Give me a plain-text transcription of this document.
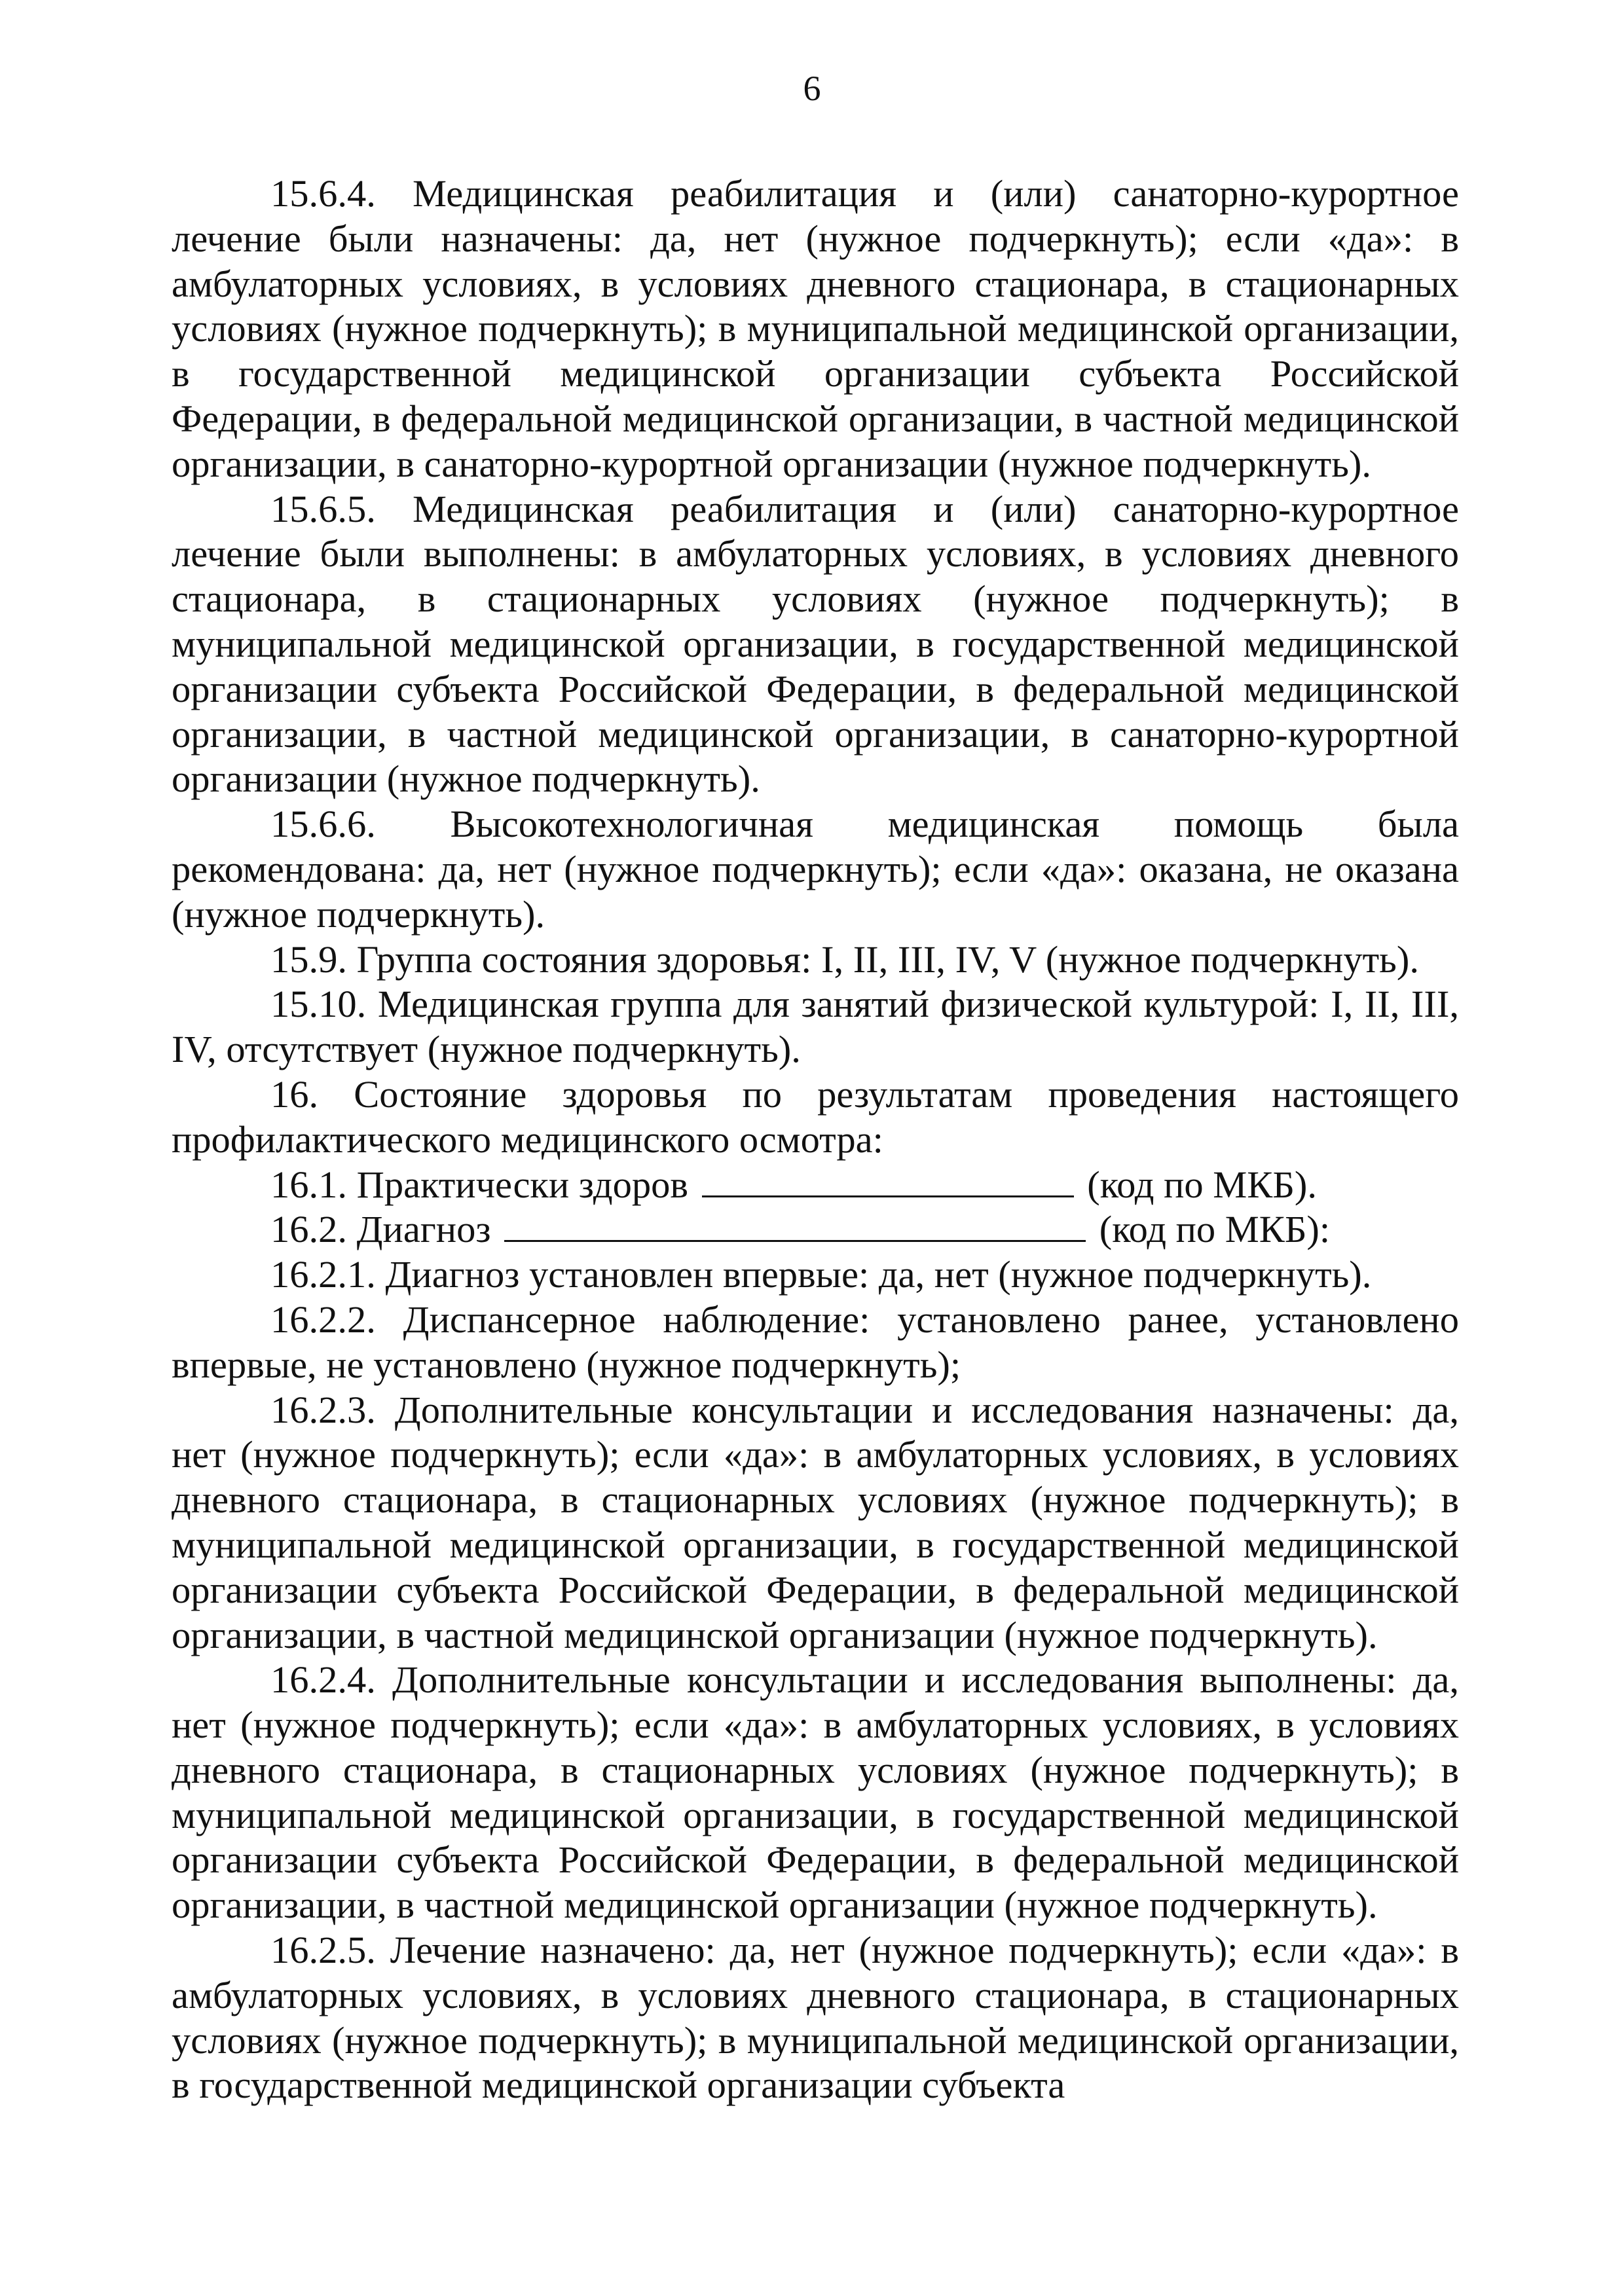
6

15.6.4. Медицинская реабилитация и (или) санаторно-курортное лечение были назначены: да, нет (нужное подчеркнуть); если «да»: в амбулаторных условиях, в условиях дневного стационара, в стационарных условиях (нужное подчеркнуть); в муниципальной медицинской организации, в государственной медицинской организации субъекта Российской Федерации, в федеральной медицинской организации, в частной медицинской организации, в санаторно-курортной организации (нужное подчеркнуть).

15.6.5. Медицинская реабилитация и (или) санаторно-курортное лечение были выполнены: в амбулаторных условиях, в условиях дневного стационара, в стационарных условиях (нужное подчеркнуть); в муниципальной медицинской организации, в государственной медицинской организации субъекта Российской Федерации, в федеральной медицинской организации, в частной медицинской организации, в санаторно-курортной организации (нужное подчеркнуть).

15.6.6. Высокотехнологичная медицинская помощь была рекомендована: да, нет (нужное подчеркнуть); если «да»: оказана, не оказана (нужное подчеркнуть).

15.9. Группа состояния здоровья: I, II, III, IV, V (нужное подчеркнуть).

15.10. Медицинская группа для занятий физической культурой: I, II, III, IV, отсутствует (нужное подчеркнуть).

16. Состояние здоровья по результатам проведения настоящего профилактического медицинского осмотра:

16.1. Практически здоров	(код по МКБ).

16.2. Диагноз	(код по МКБ):

16.2.1. Диагноз установлен впервые: да, нет (нужное подчеркнуть).

16.2.2. Диспансерное наблюдение: установлено ранее, установлено впервые, не установлено (нужное подчеркнуть);

16.2.3. Дополнительные консультации и исследования назначены: да, нет (нужное подчеркнуть); если «да»: в амбулаторных условиях, в условиях дневного стационара, в стационарных условиях (нужное подчеркнуть); в муниципальной медицинской организации, в государственной медицинской организации субъекта Российской Федерации, в федеральной медицинской организации, в частной медицинской организации (нужное подчеркнуть).

16.2.4. Дополнительные консультации и исследования выполнены: да, нет (нужное подчеркнуть); если «да»: в амбулаторных условиях, в условиях дневного стационара, в стационарных условиях (нужное подчеркнуть); в муниципальной медицинской организации, в государственной медицинской организации субъекта Российской Федерации, в федеральной медицинской организации, в частной медицинской организации (нужное подчеркнуть).

16.2.5. Лечение назначено: да, нет (нужное подчеркнуть); если «да»: в амбулаторных условиях, в условиях дневного стационара, в стационарных условиях (нужное подчеркнуть); в муниципальной медицинской организации, в государственной медицинской организации субъекта
